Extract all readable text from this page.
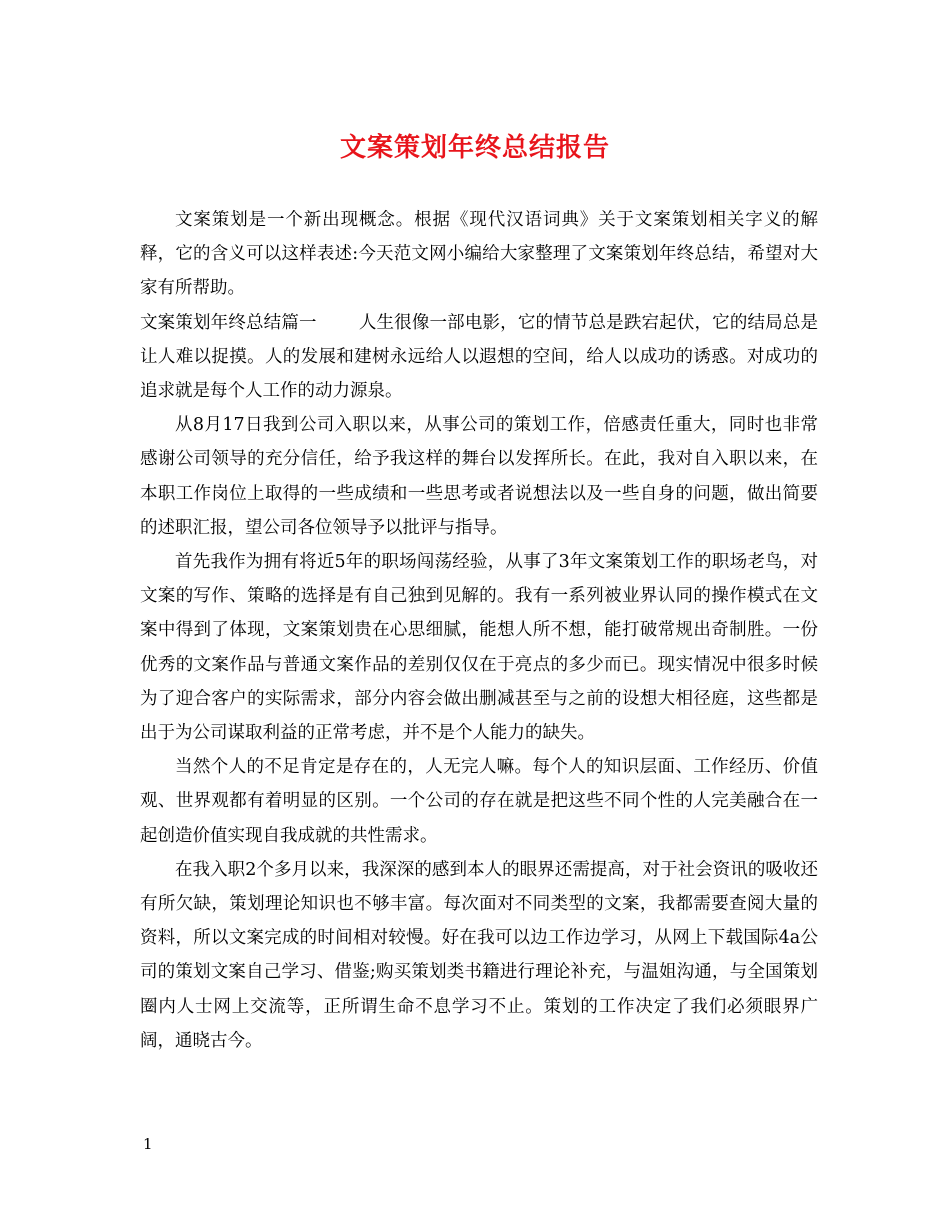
文案策划年终总结报告

文案策划是一个新出现概念。根据《现代汉语词典》关于文案策划相关字义的解释，它的含义可以这样表述:今天范文网小编给大家整理了文案策划年终总结，希望对大家有所帮助。

文案策划年终总结篇一 人生很像一部电影，它的情节总是跌宕起伏，它的结局总是让人难以捉摸。人的发展和建树永远给人以遐想的空间，给人以成功的诱惑。对成功的追求就是每个人工作的动力源泉。

从8月17日我到公司入职以来，从事公司的策划工作，倍感责任重大，同时也非常感谢公司领导的充分信任，给予我这样的舞台以发挥所长。在此，我对自入职以来，在本职工作岗位上取得的一些成绩和一些思考或者说想法以及一些自身的问题，做出简要的述职汇报，望公司各位领导予以批评与指导。

首先我作为拥有将近5年的职场闯荡经验，从事了3年文案策划工作的职场老鸟，对文案的写作、策略的选择是有自己独到见解的。我有一系列被业界认同的操作模式在文案中得到了体现，文案策划贵在心思细腻，能想人所不想，能打破常规出奇制胜。一份优秀的文案作品与普通文案作品的差别仅仅在于亮点的多少而已。现实情况中很多时候为了迎合客户的实际需求，部分内容会做出删减甚至与之前的设想大相径庭，这些都是出于为公司谋取利益的正常考虑，并不是个人能力的缺失。

当然个人的不足肯定是存在的，人无完人嘛。每个人的知识层面、工作经历、价值观、世界观都有着明显的区别。一个公司的存在就是把这些不同个性的人完美融合在一起创造价值实现自我成就的共性需求。

在我入职2个多月以来，我深深的感到本人的眼界还需提高，对于社会资讯的吸收还有所欠缺，策划理论知识也不够丰富。每次面对不同类型的文案，我都需要查阅大量的资料，所以文案完成的时间相对较慢。好在我可以边工作边学习，从网上下载国际4a公司的策划文案自己学习、借鉴;购买策划类书籍进行理论补充，与温姐沟通，与全国策划圈内人士网上交流等，正所谓生命不息学习不止。策划的工作决定了我们必须眼界广阔，通晓古今。

1
